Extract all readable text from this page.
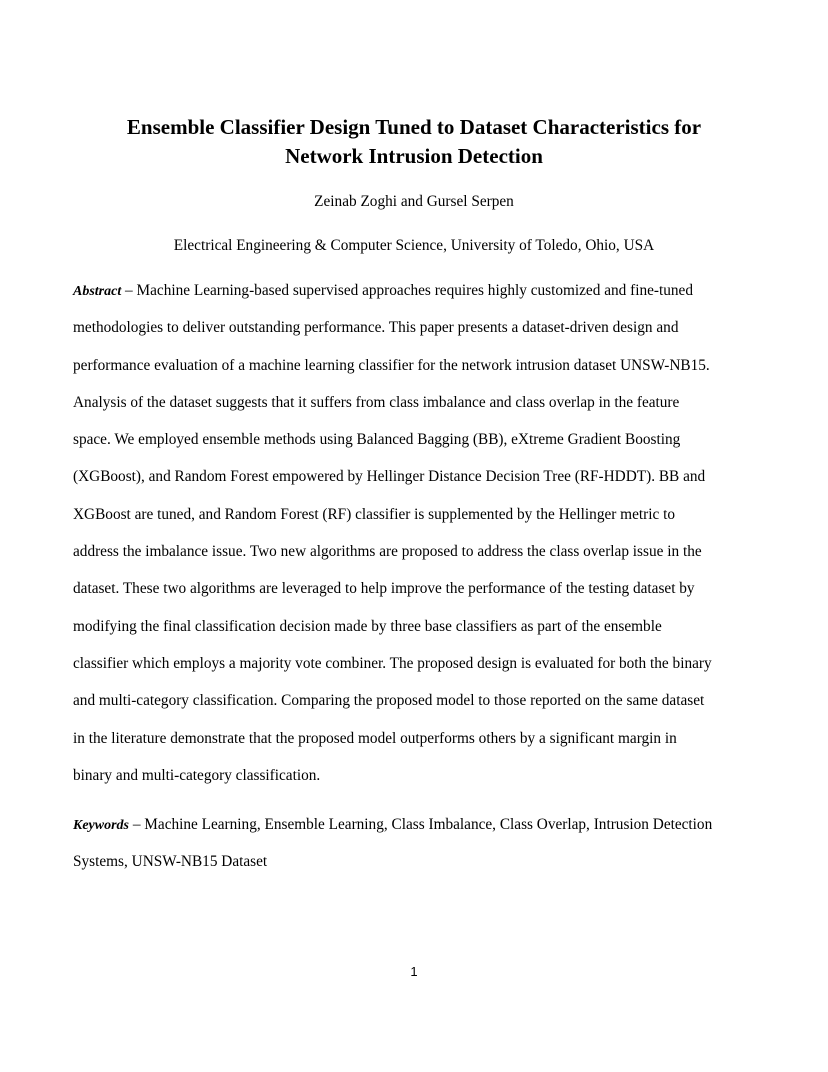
Ensemble Classifier Design Tuned to Dataset Characteristics for
Network Intrusion Detection

Zeinab Zoghi and Gursel Serpen

Electrical Engineering & Computer Science, University of Toledo, Ohio, USA

Abstract – Machine Learning-based supervised approaches requires highly customized and fine-tuned
methodologies to deliver outstanding performance. This paper presents a dataset-driven design and
performance evaluation of a machine learning classifier for the network intrusion dataset UNSW-NB15.
Analysis of the dataset suggests that it suffers from class imbalance and class overlap in the feature
space. We employed ensemble methods using Balanced Bagging (BB), eXtreme Gradient Boosting
(XGBoost), and Random Forest empowered by Hellinger Distance Decision Tree (RF-HDDT). BB and
XGBoost are tuned, and Random Forest (RF) classifier is supplemented by the Hellinger metric to
address the imbalance issue. Two new algorithms are proposed to address the class overlap issue in the
dataset. These two algorithms are leveraged to help improve the performance of the testing dataset by
modifying the final classification decision made by three base classifiers as part of the ensemble
classifier which employs a majority vote combiner. The proposed design is evaluated for both the binary
and multi-category classification. Comparing the proposed model to those reported on the same dataset
in the literature demonstrate that the proposed model outperforms others by a significant margin in
binary and multi-category classification.
Keywords – Machine Learning, Ensemble Learning, Class Imbalance, Class Overlap, Intrusion Detection
Systems, UNSW-NB15 Dataset
1
